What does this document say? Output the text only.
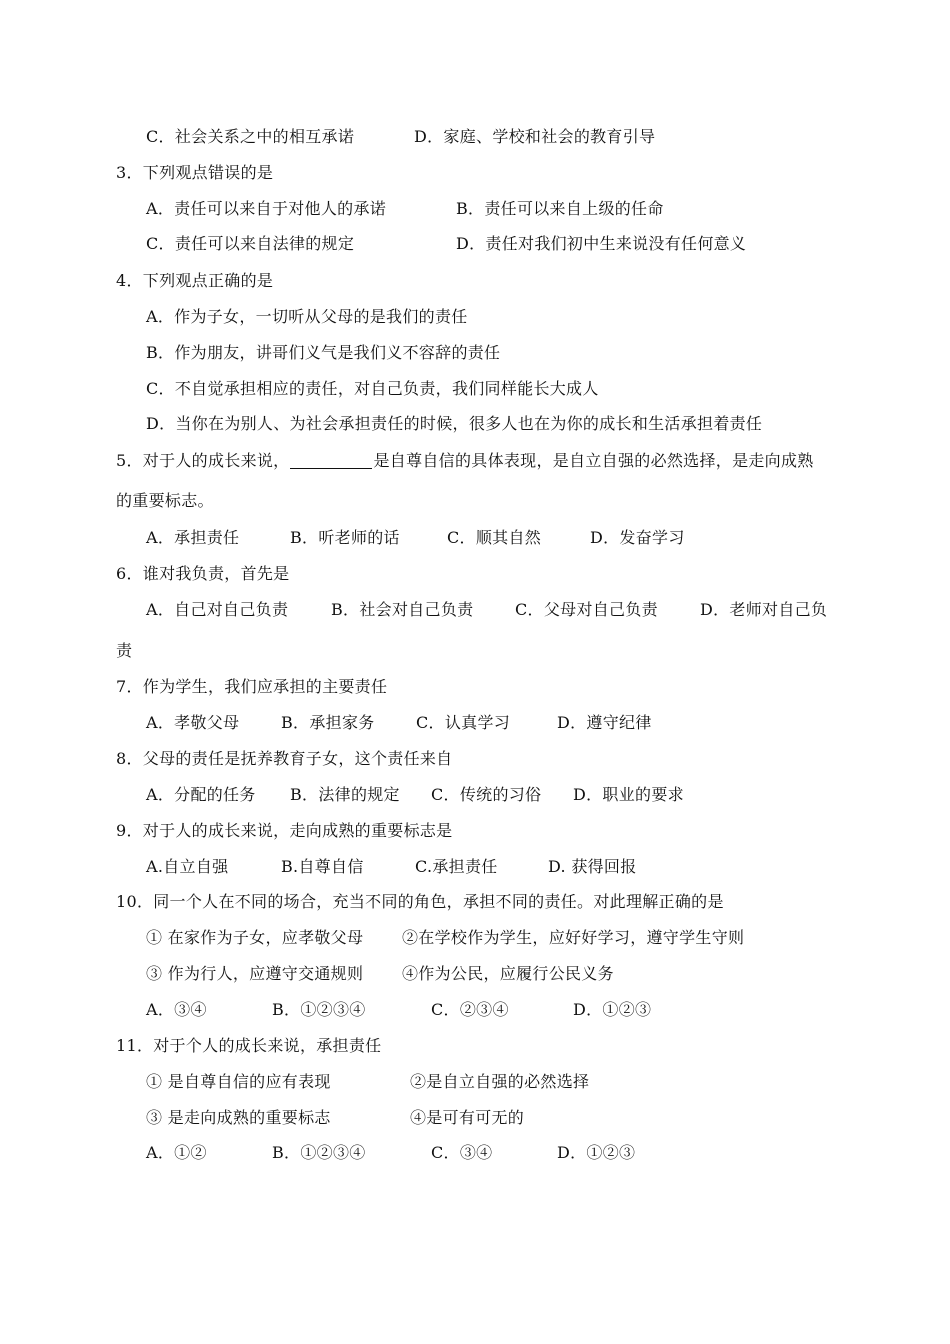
C．社会关系之中的相互承诺	D．家庭、学校和社会的教育引导
3．下列观点错误的是
A．责任可以来自于对他人的承诺	B．责任可以来自上级的任命
C．责任可以来自法律的规定	D．责任对我们初中生来说没有任何意义
4．下列观点正确的是
A．作为子女，一切听从父母的是我们的责任
B．作为朋友，讲哥们义气是我们义不容辞的责任
C．不自觉承担相应的责任，对自己负责，我们同样能长大成人
D．当你在为别人、为社会承担责任的时候，很多人也在为你的成长和生活承担着责任
5．对于人的成长来说，	是自尊自信的具体表现，是自立自强的必然选择，是走向成熟
的重要标志。
A．承担责任	B．听老师的话	C．顺其自然	D．发奋学习
6．谁对我负责，首先是
A．自己对自己负责	B．社会对自己负责	C．父母对自己负责	D．老师对自己负
责
7．作为学生，我们应承担的主要责任
A．孝敬父母	B．承担家务	C．认真学习	D．遵守纪律
8．父母的责任是抚养教育子女，这个责任来自
A．分配的任务 B．法律的规定 C．传统的习俗 D．职业的要求
9．对于人的成长来说，走向成熟的重要标志是
A.自立自强	B.自尊自信	C.承担责任	D. 获得回报
10．同一个人在不同的场合，充当不同的角色，承担不同的责任。对此理解正确的是
① 在家作为子女，应孝敬父母 ②在学校作为学生，应好好学习，遵守学生守则
③ 作为行人，应遵守交通规则 ④作为公民，应履行公民义务
A．③④	B．①②③④	C．②③④	D．①②③
11．对于个人的成长来说，承担责任
① 是自尊自信的应有表现	②是自立自强的必然选择
③ 是走向成熟的重要标志	④是可有可无的
A．①②	B．①②③④	C．③④	D．①②③
